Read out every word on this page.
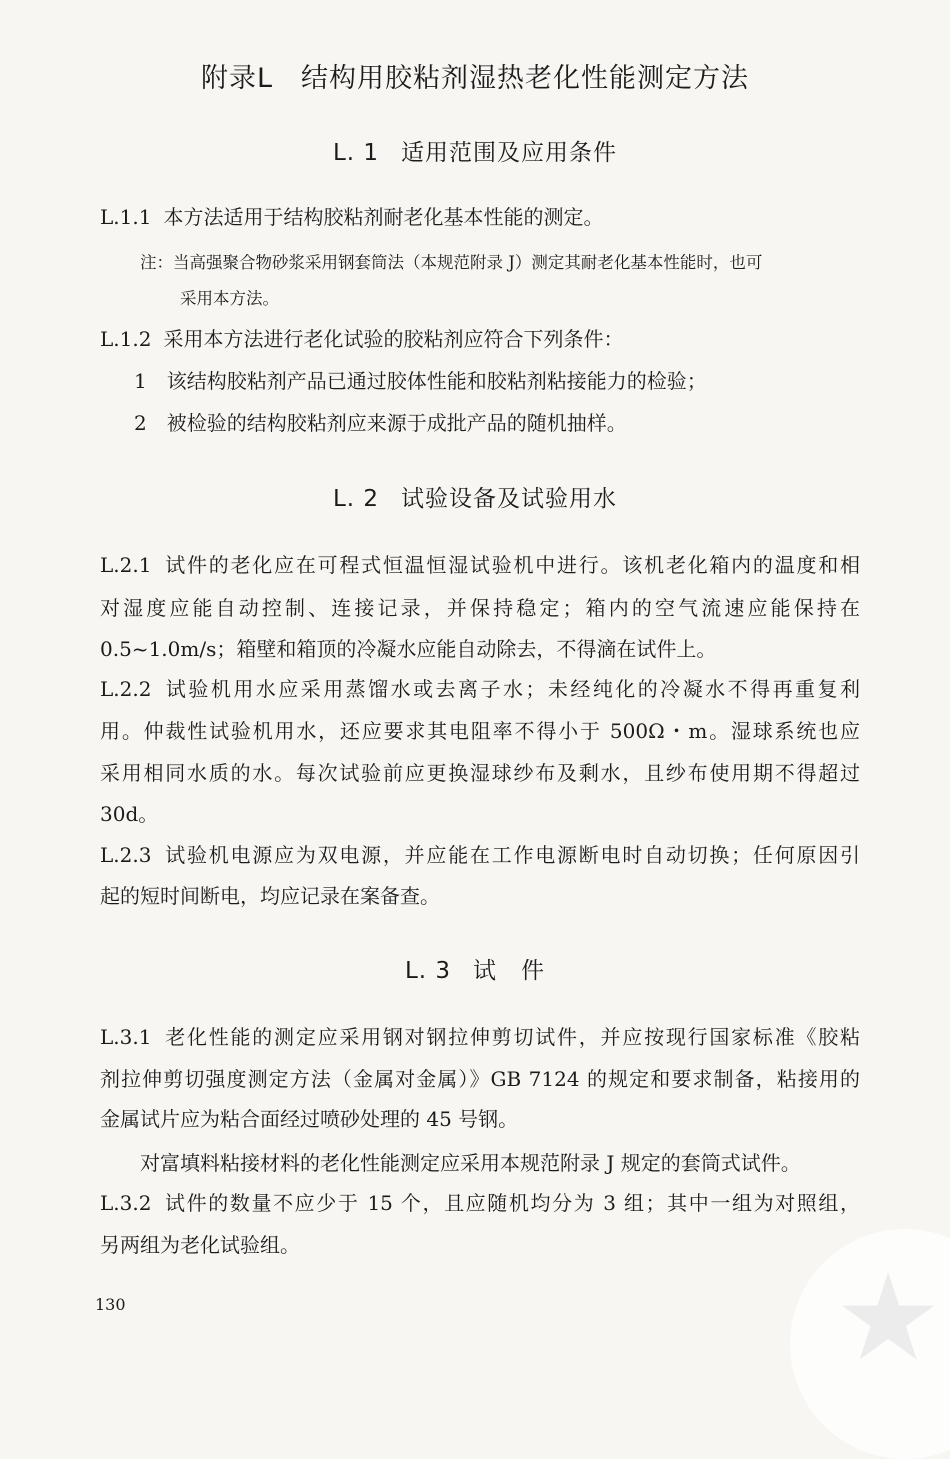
附录L　结构用胶粘剂湿热老化性能测定方法
L. 1 适用范围及应用条件
L.1.1 本方法适用于结构胶粘剂耐老化基本性能的测定。
注：当高强聚合物砂浆采用钢套筒法（本规范附录 J）测定其耐老化基本性能时，也可
采用本方法。
L.1.2 采用本方法进行老化试验的胶粘剂应符合下列条件：
1 该结构胶粘剂产品已通过胶体性能和胶粘剂粘接能力的检验；
2 被检验的结构胶粘剂应来源于成批产品的随机抽样。
L. 2 试验设备及试验用水
L.2.1 试件的老化应在可程式恒温恒湿试验机中进行。该机老化箱内的温度和相
对湿度应能自动控制、连接记录，并保持稳定；箱内的空气流速应能保持在
0.5~1.0m/s；箱壁和箱顶的冷凝水应能自动除去，不得滴在试件上。
L.2.2 试验机用水应采用蒸馏水或去离子水；未经纯化的冷凝水不得再重复利
用。仲裁性试验机用水，还应要求其电阻率不得小于 500Ω・m。湿球系统也应
采用相同水质的水。每次试验前应更换湿球纱布及剩水，且纱布使用期不得超过
30d。
L.2.3 试验机电源应为双电源，并应能在工作电源断电时自动切换；任何原因引
起的短时间断电，均应记录在案备查。
L. 3 试　件
L.3.1 老化性能的测定应采用钢对钢拉伸剪切试件，并应按现行国家标准《胶粘
剂拉伸剪切强度测定方法（金属对金属）》GB 7124 的规定和要求制备，粘接用的
金属试片应为粘合面经过喷砂处理的 45 号钢。
对富填料粘接材料的老化性能测定应采用本规范附录 J 规定的套筒式试件。
L.3.2 试件的数量不应少于 15 个，且应随机均分为 3 组；其中一组为对照组，
另两组为老化试验组。
130	★
